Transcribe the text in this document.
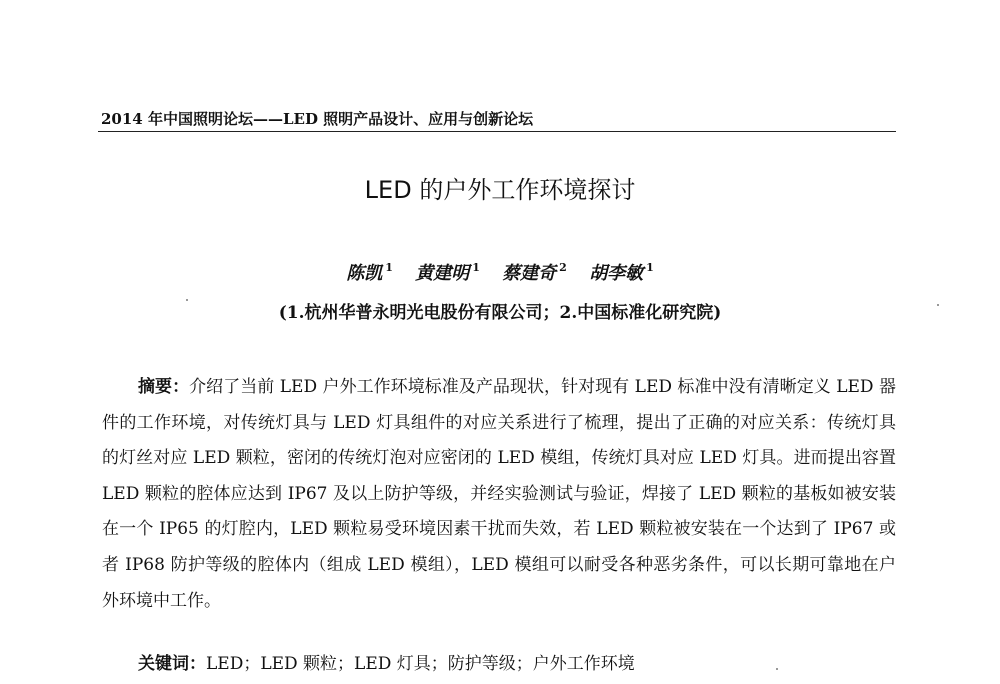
2014 年中国照明论坛——LED 照明产品设计、应用与创新论坛
LED 的户外工作环境探讨
陈凯 $^1$ 黄建明 $^1$ 蔡建奇 $^2$ 胡李敏 $^1$
(1.杭州华普永明光电股份有限公司；2.中国标准化研究院)
摘要：介绍了当前 LED 户外工作环境标准及产品现状，针对现有 LED 标准中没有清晰定义 LED 器件的工作环境，对传统灯具与 LED 灯具组件的对应关系进行了梳理，提出了正确的对应关系：传统灯具的灯丝对应 LED 颗粒，密闭的传统灯泡对应密闭的 LED 模组，传统灯具对应 LED 灯具。进而提出容置 LED 颗粒的腔体应达到 IP67 及以上防护等级，并经实验测试与验证，焊接了 LED 颗粒的基板如被安装在一个 IP65 的灯腔内，LED 颗粒易受环境因素干扰而失效，若 LED 颗粒被安装在一个达到了 IP67 或者 IP68 防护等级的腔体内（组成 LED 模组），LED 模组可以耐受各种恶劣条件，可以长期可靠地在户外环境中工作。
关键词：LED；LED 颗粒；LED 灯具；防护等级；户外工作环境
